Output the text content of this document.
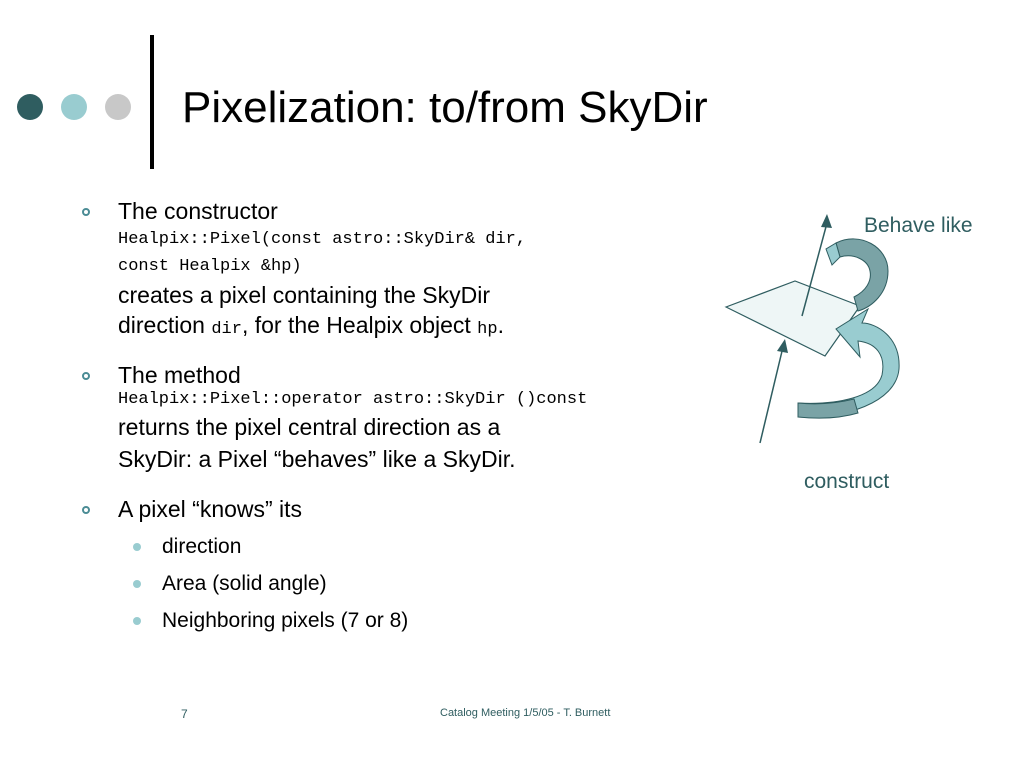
Pixelization: to/from SkyDir
The constructor
Healpix::Pixel(const astro::SkyDir& dir,
const Healpix &hp)
creates a pixel containing the SkyDir
direction dir, for the Healpix object hp.
The method
Healpix::Pixel::operator astro::SkyDir ()const
returns the pixel central direction as a
SkyDir: a Pixel “behaves” like a SkyDir.
A pixel “knows” its
direction
Area (solid angle)
Neighboring pixels (7 or 8)
Behave like
construct
7	Catalog Meeting 1/5/05 - T. Burnett
